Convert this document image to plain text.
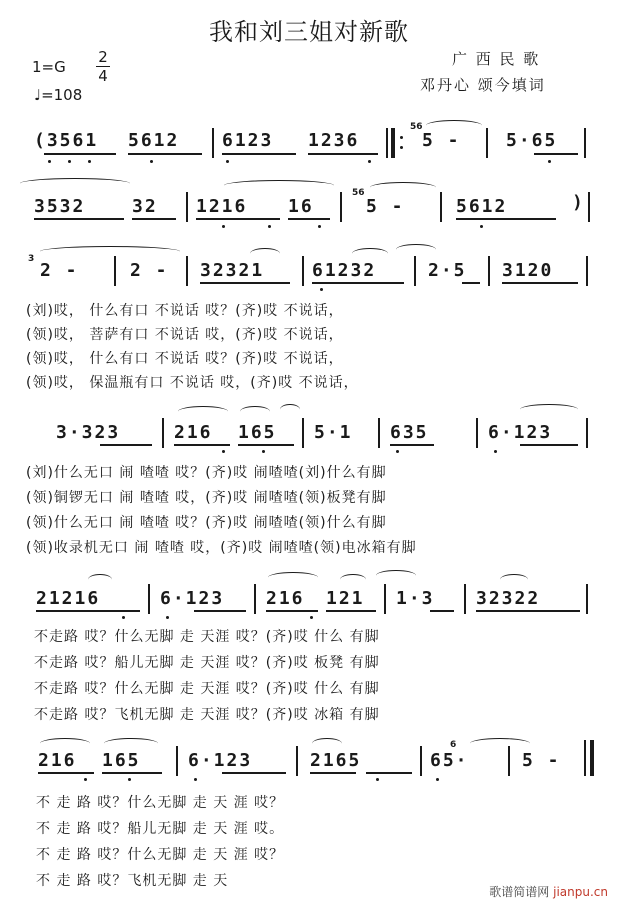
我和刘三姐对新歌
1=G
2
4
♩=108
广 西 民 歌
邓丹心 颂今填词
(3561 5612 6123 1236
56
5 -	5·65
3532	32 1216 16
56
5 -	5612	)
3
2 -	2 - 32321	61232	2·5 3120
(刘)哎， 什么有口 不说话 哎？(齐)哎 不说话，
(领)哎， 菩萨有口 不说话 哎，(齐)哎 不说话，
(领)哎， 什么有口 不说话 哎？(齐)哎 不说话，
(领)哎， 保温瓶有口 不说话 哎，(齐)哎 不说话，
3·323	216 165 5·1 635	6·123
(刘)什么无口 闹 喳喳 哎？(齐)哎 闹喳喳(刘)什么有脚
(领)铜锣无口 闹 喳喳 哎，(齐)哎 闹喳喳(领)板凳有脚
(领)什么无口 闹 喳喳 哎？(齐)哎 闹喳喳(领)什么有脚
(领)收录机无口 闹 喳喳 哎，(齐)哎 闹喳喳(领)电冰箱有脚
21216	6·123 216 121 1·3 32322
不走路 哎？什么无脚 走 天涯 哎？(齐)哎 什么 有脚
不走路 哎？船儿无脚 走 天涯 哎？(齐)哎 板凳 有脚
不走路 哎？什么无脚 走 天涯 哎？(齐)哎 什么 有脚
不走路 哎？飞机无脚 走 天涯 哎？(齐)哎 冰箱 有脚
216 165	6·123	2165
6
65·	5 -
不 走 路 哎？什么无脚 走 天 涯 哎？
不 走 路 哎？船儿无脚 走 天 涯 哎。
不 走 路 哎？什么无脚 走 天 涯 哎？
不 走 路 哎？飞机无脚 走 天
歌谱简谱网 jianpu.cn
